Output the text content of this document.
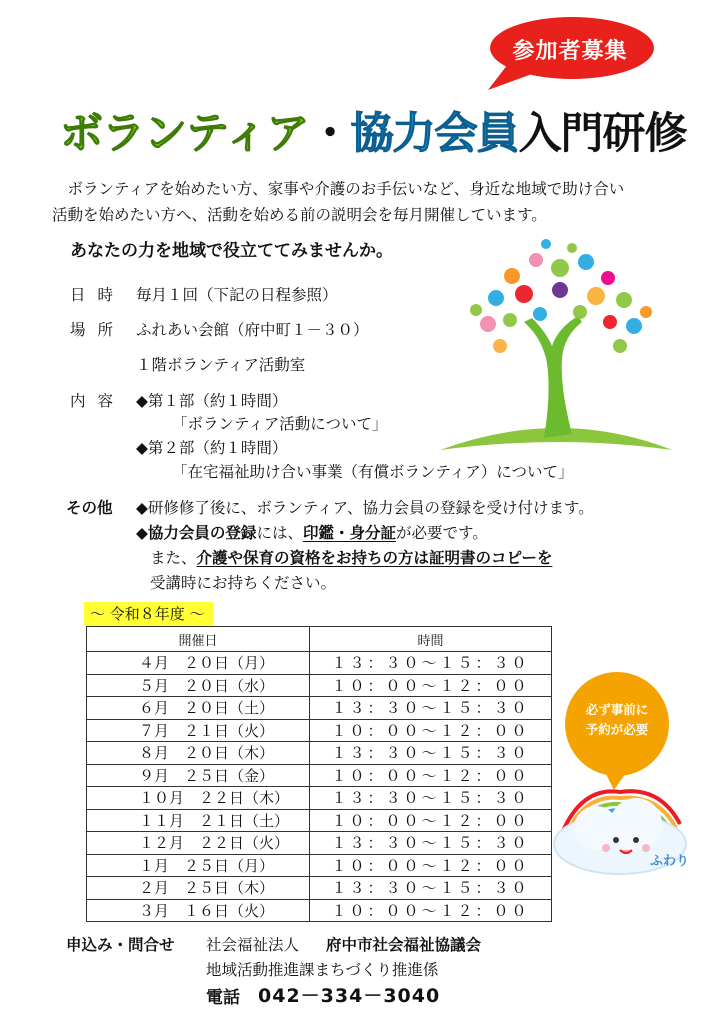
参加者募集
ボランティア・協力会員入門研修

ボランティアを始めたい方、家事や介護のお手伝いなど、身近な地域で助け合い

活動を始めたい方へ、活動を始める前の説明会を毎月開催しています。

あなたの力を地域で役立ててみませんか。
日時 毎月１回（下記の日程参照）
場所 ふれあい会館（府中町１－３０）
１階ボランティア活動室
内容 ◆第１部（約１時間）
「ボランティア活動について」
◆第２部（約１時間）
「在宅福祉助け合い事業（有償ボランティア）について」
その他 ◆研修修了後に、ボランティア、協力会員の登録を受け付けます。
◆協力会員の登録には、印鑑・身分証が必要です。
また、介護や保育の資格をお持ちの方は証明書のコピーを
受講時にお持ちください。
～ 令和８年度 ～
開催日	時間
４月　２０日（月）	１３：３０～１５：３０
５月　２０日（水）	１０：００～１２：００
６月　２０日（土）	１３：３０～１５：３０
７月　２１日（火）	１０：００～１２：００
８月　２０日（木）	１３：３０～１５：３０
９月　２５日（金）	１０：００～１２：００
１０月　２２日（木）	１３：３０～１５：３０
１１月　２１日（土）	１０：００～１２：００
１２月　２２日（火）	１３：３０～１５：３０
１月　２５日（月）	１０：００～１２：００
２月　２５日（木）	１３：３０～１５：３０
３月　１６日（火）	１０：００～１２：００
必ず事前に
予約が必要
ふわり
申込み・問合せ 社会福祉法人 府中市社会福祉協議会
地域活動推進課まちづくり推進係
電話 042－334－3040
